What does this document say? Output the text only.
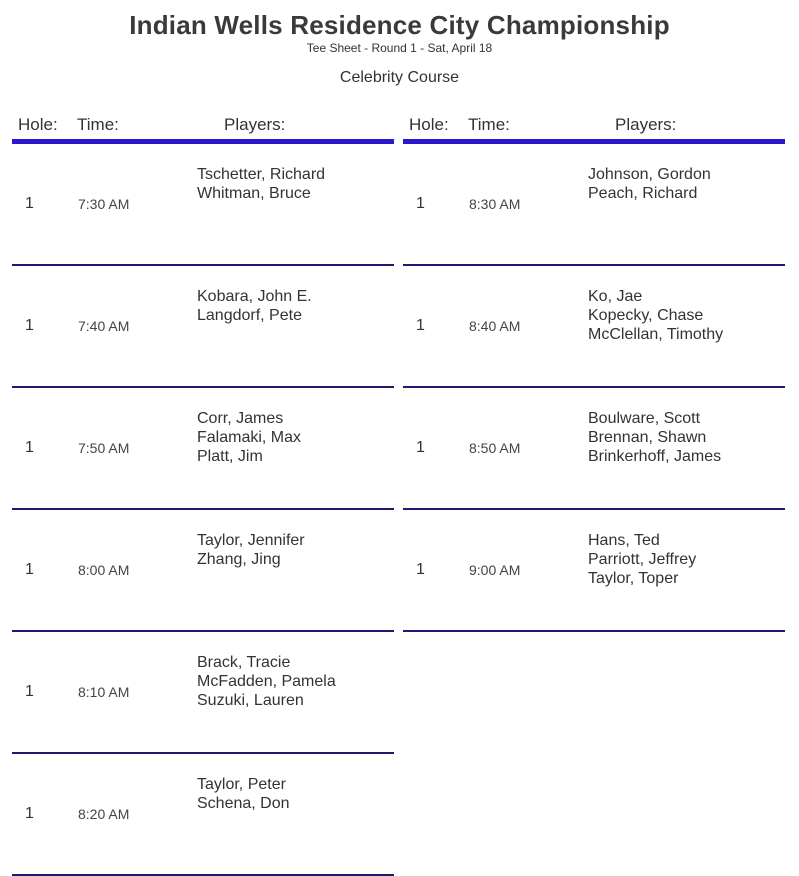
Indian Wells Residence City Championship
Tee Sheet - Round 1 - Sat, April 18
Celebrity Course
Hole: Time:	Players:
1	7:30 AM
Tschetter, Richard
Whitman, Bruce
1	7:40 AM
Kobara, John E.
Langdorf, Pete
1	7:50 AM
Corr, James
Falamaki, Max
Platt, Jim
1	8:00 AM
Taylor, Jennifer
Zhang, Jing
1	8:10 AM
Brack, Tracie
McFadden, Pamela
Suzuki, Lauren
1	8:20 AM
Taylor, Peter
Schena, Don
Hole: Time:	Players:
1	8:30 AM
Johnson, Gordon
Peach, Richard
1	8:40 AM
Ko, Jae
Kopecky, Chase
McClellan, Timothy
1	8:50 AM
Boulware, Scott
Brennan, Shawn
Brinkerhoff, James
1	9:00 AM
Hans, Ted
Parriott, Jeffrey
Taylor, Toper
